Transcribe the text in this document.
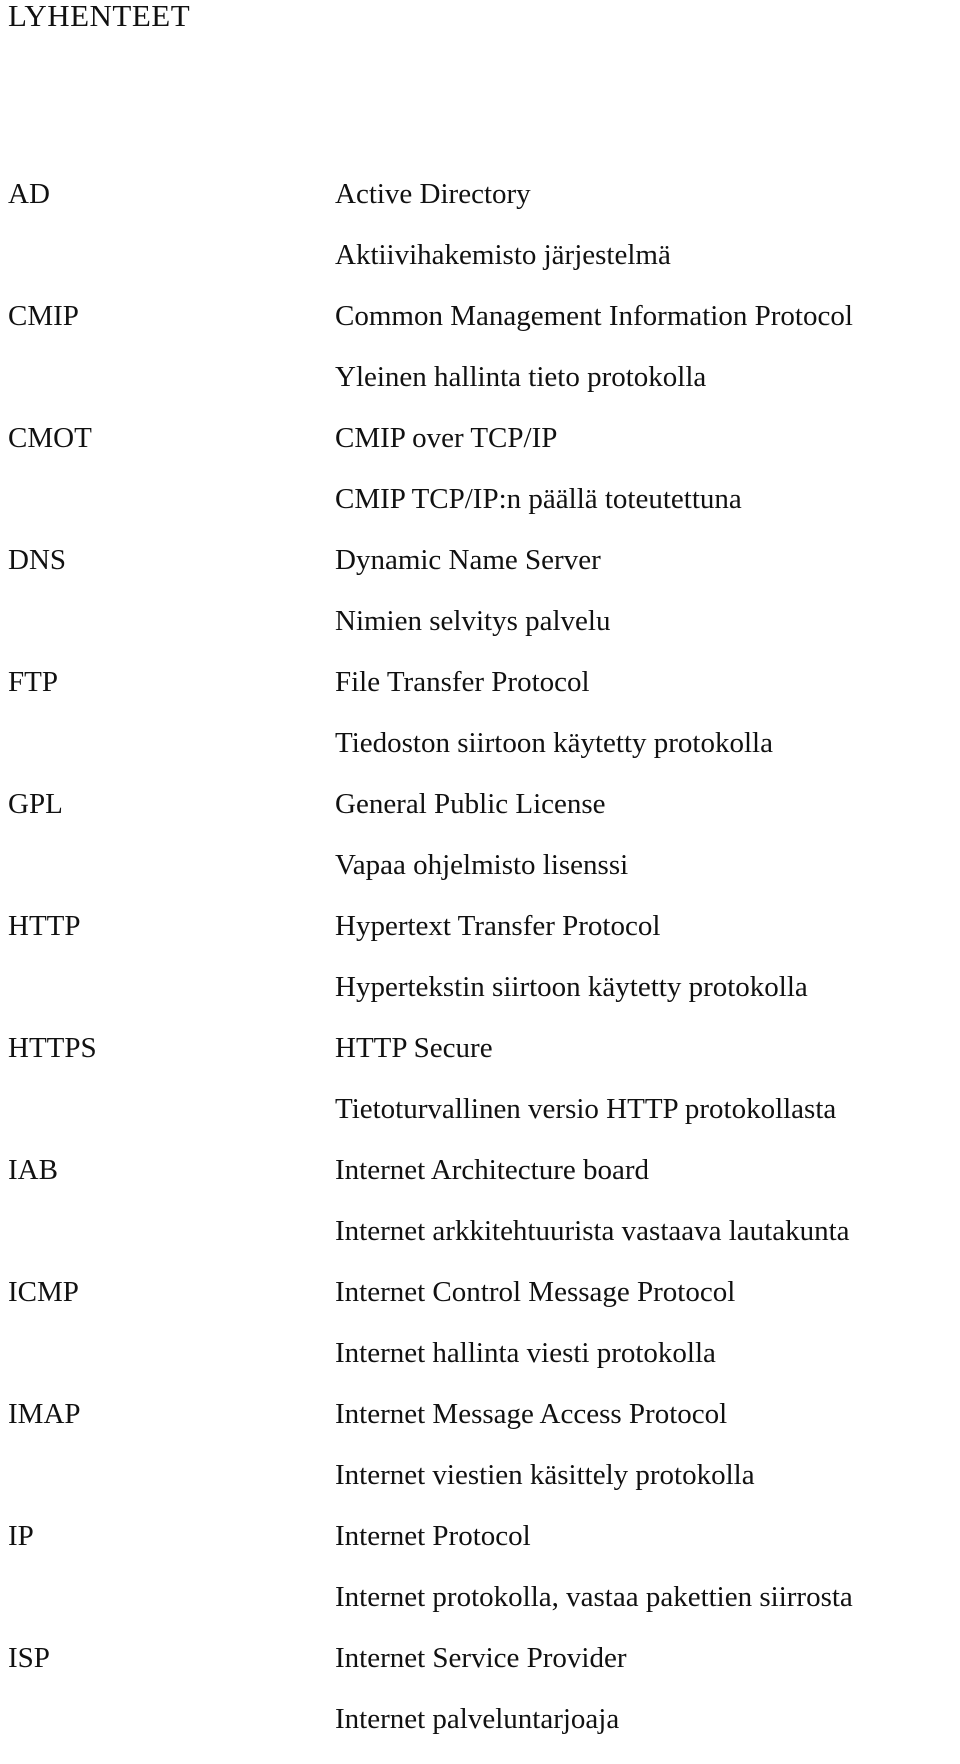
LYHENTEET
AD	Active Directory
Aktiivihakemisto järjestelmä
CMIP	Common Management Information Protocol
Yleinen hallinta tieto protokolla
CMOT	CMIP over TCP/IP
CMIP TCP/IP:n päällä toteutettuna
DNS	Dynamic Name Server
Nimien selvitys palvelu
FTP	File Transfer Protocol
Tiedoston siirtoon käytetty protokolla
GPL	General Public License
Vapaa ohjelmisto lisenssi
HTTP	Hypertext Transfer Protocol
Hypertekstin siirtoon käytetty protokolla
HTTPS	HTTP Secure
Tietoturvallinen versio HTTP protokollasta
IAB	Internet Architecture board
Internet arkkitehtuurista vastaava lautakunta
ICMP	Internet Control Message Protocol
Internet hallinta viesti protokolla
IMAP	Internet Message Access Protocol
Internet viestien käsittely protokolla
IP	Internet Protocol
Internet protokolla, vastaa pakettien siirrosta
ISP	Internet Service Provider
Internet palveluntarjoaja
